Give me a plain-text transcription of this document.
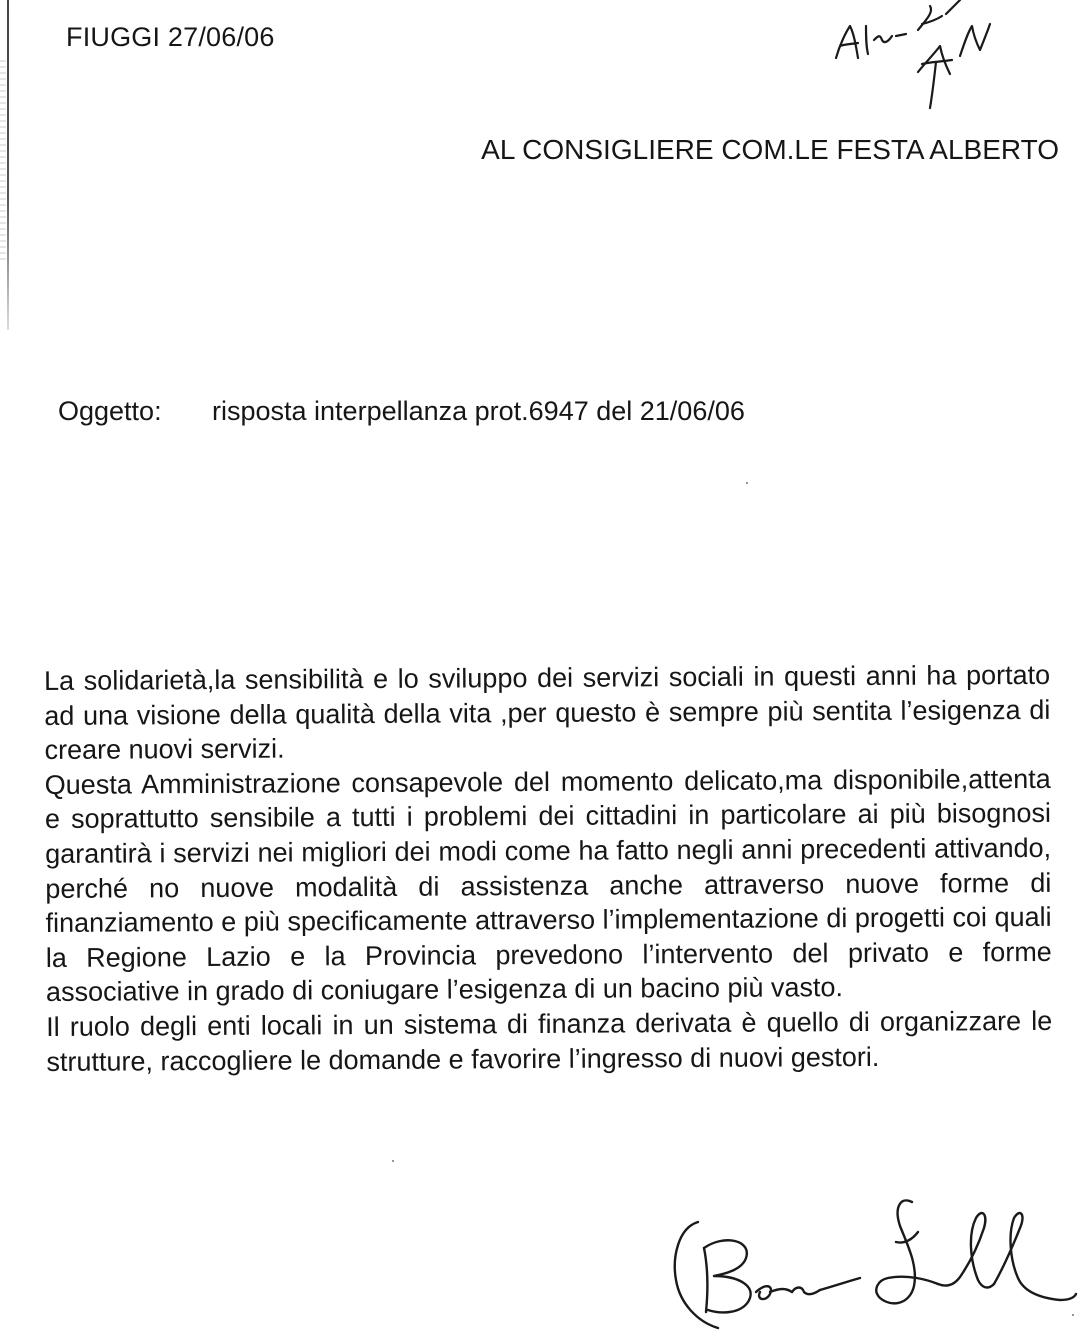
FIUGGI 27/06/06
AL CONSIGLIERE COM.LE FESTA ALBERTO
Oggetto: risposta interpellanza prot.6947 del 21/06/06

La solidarietà,la sensibilità e lo sviluppo dei servizi sociali in questi anni ha portato ad una visione della qualità della vita ,per questo è sempre più sentita l’esigenza di creare nuovi servizi.

Questa Amministrazione consapevole del momento delicato,ma disponibile,attenta e soprattutto sensibile a tutti i problemi dei cittadini in particolare ai più bisognosi garantirà i servizi nei migliori dei modi come ha fatto negli anni precedenti attivando, perché no nuove modalità di assistenza anche attraverso nuove forme di finanziamento e più specificamente attraverso l’implementazione di progetti coi quali la Regione Lazio e la Provincia prevedono l’intervento del privato e forme associative in grado di coniugare l’esigenza di un bacino più vasto.

Il ruolo degli enti locali in un sistema di finanza derivata è quello di organizzare le strutture, raccogliere le domande e favorire l’ingresso di nuovi gestori.
